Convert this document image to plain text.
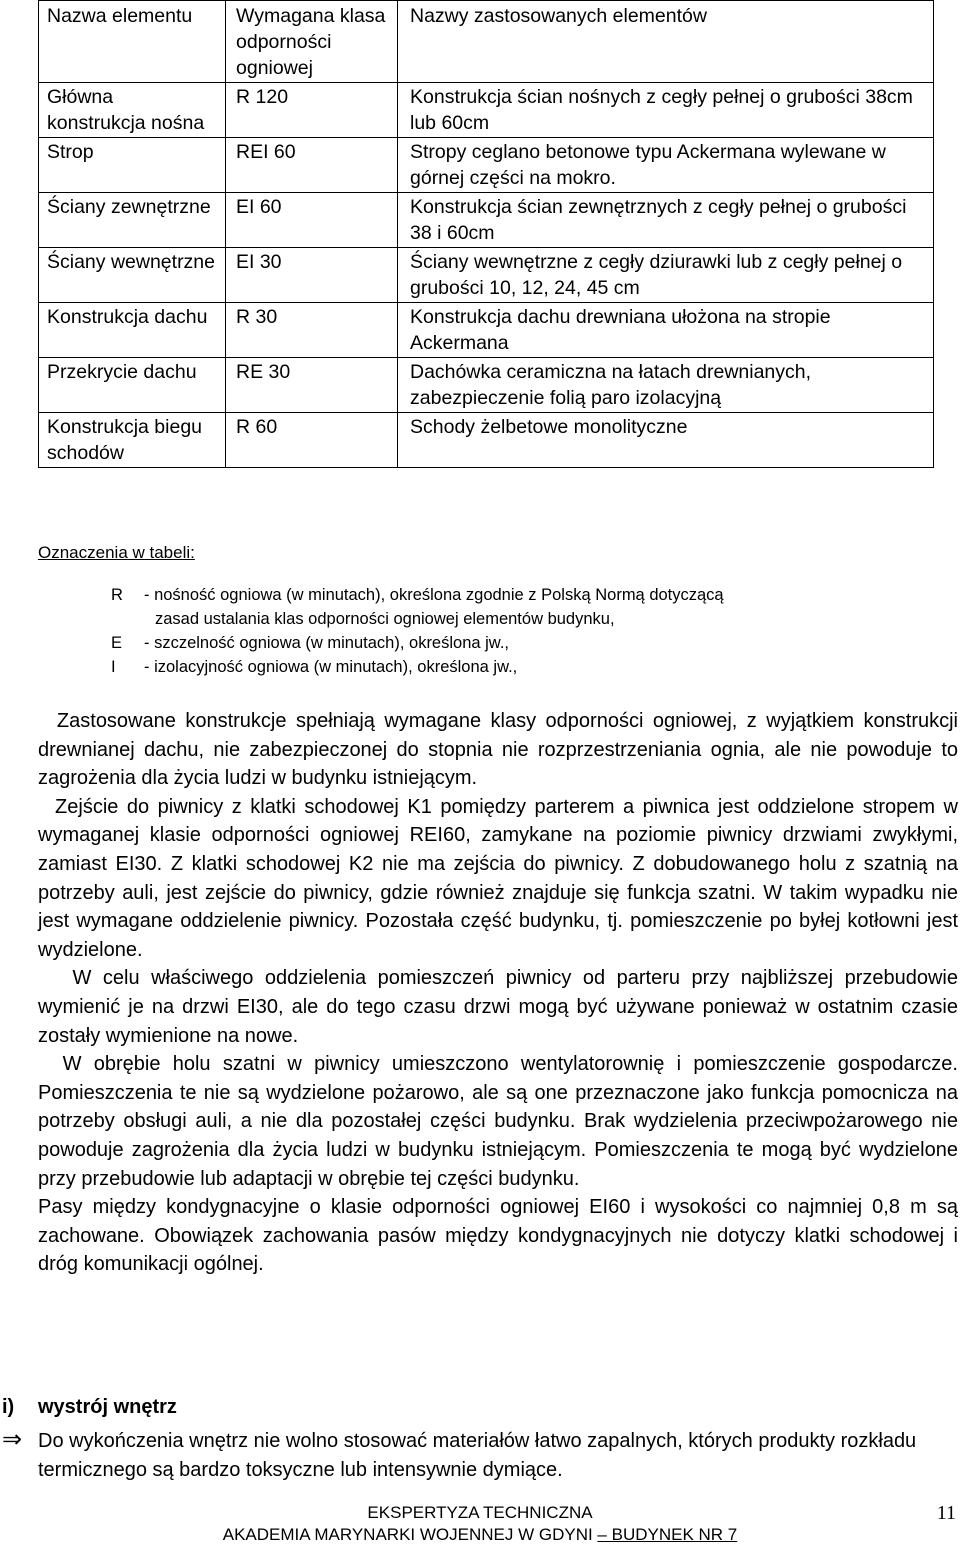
Nazwa elementu	Wymagana klasa odporności ogniowej	Nazwy zastosowanych elementów
Główna konstrukcja nośna	R 120	Konstrukcja ścian nośnych z cegły pełnej o grubości 38cm lub 60cm
Strop	REI 60	Stropy ceglano betonowe typu Ackermana wylewane w górnej części na mokro.
Ściany zewnętrzne	EI 60	Konstrukcja ścian zewnętrznych z cegły pełnej o grubości 38 i 60cm
Ściany wewnętrzne	EI 30	Ściany wewnętrzne z cegły dziurawki lub z cegły pełnej o grubości 10, 12, 24, 45 cm
Konstrukcja dachu	R 30	Konstrukcja dachu drewniana ułożona na stropie Ackermana
Przekrycie dachu	RE 30	Dachówka ceramiczna na łatach drewnianych, zabezpieczenie folią paro izolacyjną
Konstrukcja biegu schodów	R 60	Schody żelbetowe monolityczne
Oznaczenia w tabeli:
R	- nośność ogniowa (w minutach), określona zgodnie z Polską Normą dotyczącą
zasad ustalania klas odporności ogniowej elementów budynku,
E	- szczelność ogniowa (w minutach), określona jw.,
I	- izolacyjność ogniowa (w minutach), określona jw.,

Zastosowane konstrukcje spełniają wymagane klasy odporności ogniowej, z wyjątkiem konstrukcji drewnianej dachu, nie zabezpieczonej do stopnia nie rozprzestrzeniania ognia, ale nie powoduje to zagrożenia dla życia ludzi w budynku istniejącym.

Zejście do piwnicy z klatki schodowej K1 pomiędzy parterem a piwnica jest oddzielone stropem w wymaganej klasie odporności ogniowej REI60, zamykane na poziomie piwnicy drzwiami zwykłymi, zamiast EI30. Z klatki schodowej K2 nie ma zejścia do piwnicy. Z dobudowanego holu z szatnią na potrzeby auli, jest zejście do piwnicy, gdzie również znajduje się funkcja szatni. W takim wypadku nie jest wymagane oddzielenie piwnicy. Pozostała część budynku, tj. pomieszczenie po byłej kotłowni jest wydzielone.

W celu właściwego oddzielenia pomieszczeń piwnicy od parteru przy najbliższej przebudowie wymienić je na drzwi EI30, ale do tego czasu drzwi mogą być używane ponieważ w ostatnim czasie zostały wymienione na nowe.

W obrębie holu szatni w piwnicy umieszczono wentylatorownię i pomieszczenie gospodarcze. Pomieszczenia te nie są wydzielone pożarowo, ale są one przeznaczone jako funkcja pomocnicza na potrzeby obsługi auli, a nie dla pozostałej części budynku. Brak wydzielenia przeciwpożarowego nie powoduje zagrożenia dla życia ludzi w budynku istniejącym. Pomieszczenia te mogą być wydzielone przy przebudowie lub adaptacji w obrębie tej części budynku.

Pasy między kondygnacyjne o klasie odporności ogniowej EI60 i wysokości co najmniej 0,8 m są zachowane. Obowiązek zachowania pasów między kondygnacyjnych nie dotyczy klatki schodowej i dróg komunikacji ogólnej.

i) wystrój wnętrz
⇒ Do wykończenia wnętrz nie wolno stosować materiałów łatwo zapalnych, których produkty rozkładu termicznego są bardzo toksyczne lub intensywnie dymiące.
EKSPERTYZA TECHNICZNA
AKADEMIA MARYNARKI WOJENNEJ W GDYNI – BUDYNEK NR 7
11
